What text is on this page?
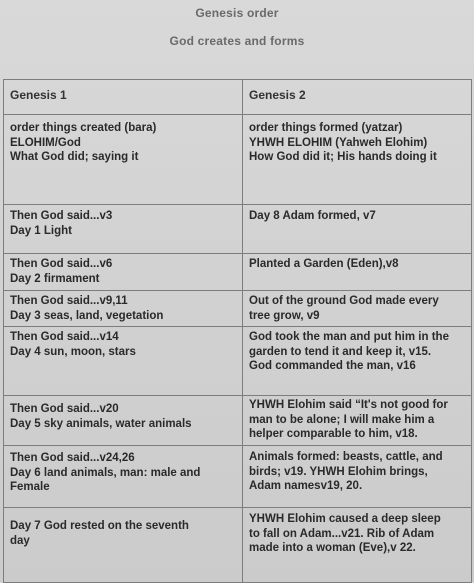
Genesis order
God creates and forms
Genesis 1	Genesis 2
order things created (bara)
ELOHIM/God
What God did; saying it
order things formed (yatzar)
YHWH ELOHIM (Yahweh Elohim)
How God did it; His hands doing it
Then God said...v3
Day 1 Light
Day 8 Adam formed, v7
Then God said...v6
Day 2 firmament
Planted a Garden (Eden),v8
Then God said...v9,11
Day 3 seas, land, vegetation
Out of the ground God made every
tree grow, v9
Then God said...v14
Day 4 sun, moon, stars
God took the man and put him in the
garden to tend it and keep it, v15.
God commanded the man, v16
Then God said...v20
Day 5 sky animals, water animals
YHWH Elohim said “It's not good for
man to be alone; I will make him a
helper comparable to him, v18.
Then God said...v24,26
Day 6 land animals, man: male and
Female
Animals formed: beasts, cattle, and
birds; v19. YHWH Elohim brings,
Adam namesv19, 20.
Day 7 God rested on the seventh
day
YHWH Elohim caused a deep sleep
to fall on Adam...v21. Rib of Adam
made into a woman (Eve),v 22.
